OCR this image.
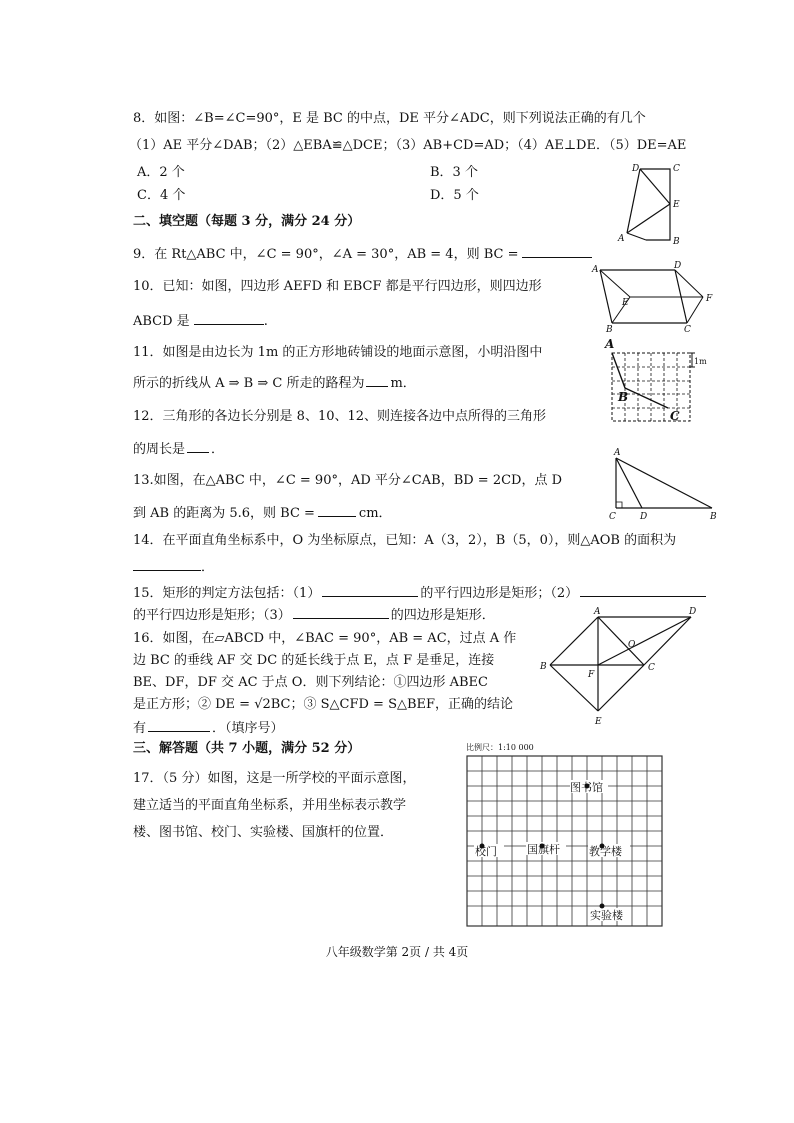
8．如图：∠B=∠C=90°，E 是 BC 的中点，DE 平分∠ADC，则下列说法正确的有几个
（1）AE 平分∠DAB；（2）△EBA≌△DCE；（3）AB+CD=AD；（4）AE⊥DE．（5）DE=AE
A．2 个	B．3 个
C．4 个	D．5 个
D	C
E
A	B
二、填空题（每题 3 分，满分 24 分）
9．在 Rt△ABC 中，∠C = 90°，∠A = 30°，AB = 4，则 BC =
10．已知：如图，四边形 AEFD 和 EBCF 都是平行四边形，则四边形
ABCD 是	.
A	D
E	F
B	C
11．如图是由边长为 1m 的正方形地砖铺设的地面示意图，小明沿图中
所示的折线从 A ⇒ B ⇒ C 所走的路程为 m．
A
B
C
1m
12．三角形的各边长分别是 8、10、12、则连接各边中点所得的三角形
的周长是 ．
13.如图，在△ABC 中，∠C = 90°，AD 平分∠CAB，BD = 2CD，点 D
到 AB 的距离为 5.6，则 BC =	cm．
A
C	D	B
14．在平面直角坐标系中，O 为坐标原点，已知：A（3，2），B（5，0），则△AOB 的面积为
．
15．矩形的判定方法包括：（1）	的平行四边形是矩形；（2）
的平行四边形是矩形；（3）	的四边形是矩形．
16．如图，在▱ABCD 中，∠BAC = 90°，AB = AC，过点 A 作
边 BC 的垂线 AF 交 DC 的延长线于点 E，点 F 是垂足，连接
BE、DF，DF 交 AC 于点 O．则下列结论：①四边形 ABEC
是正方形；② DE = √2BC；③ S△CFD = S△BEF，正确的结论
有	．（填序号）
A	D
O
B	C
F
E
三、解答题（共 7 小题，满分 52 分）
17．（5 分）如图，这是一所学校的平面示意图，
建立适当的平面直角坐标系，并用坐标表示教学
楼、图书馆、校门、实验楼、国旗杆的位置．
比例尺：1:10 000
图书馆
校门	国旗杆	教学楼
实验楼
八年级数学第 2页 / 共 4页
